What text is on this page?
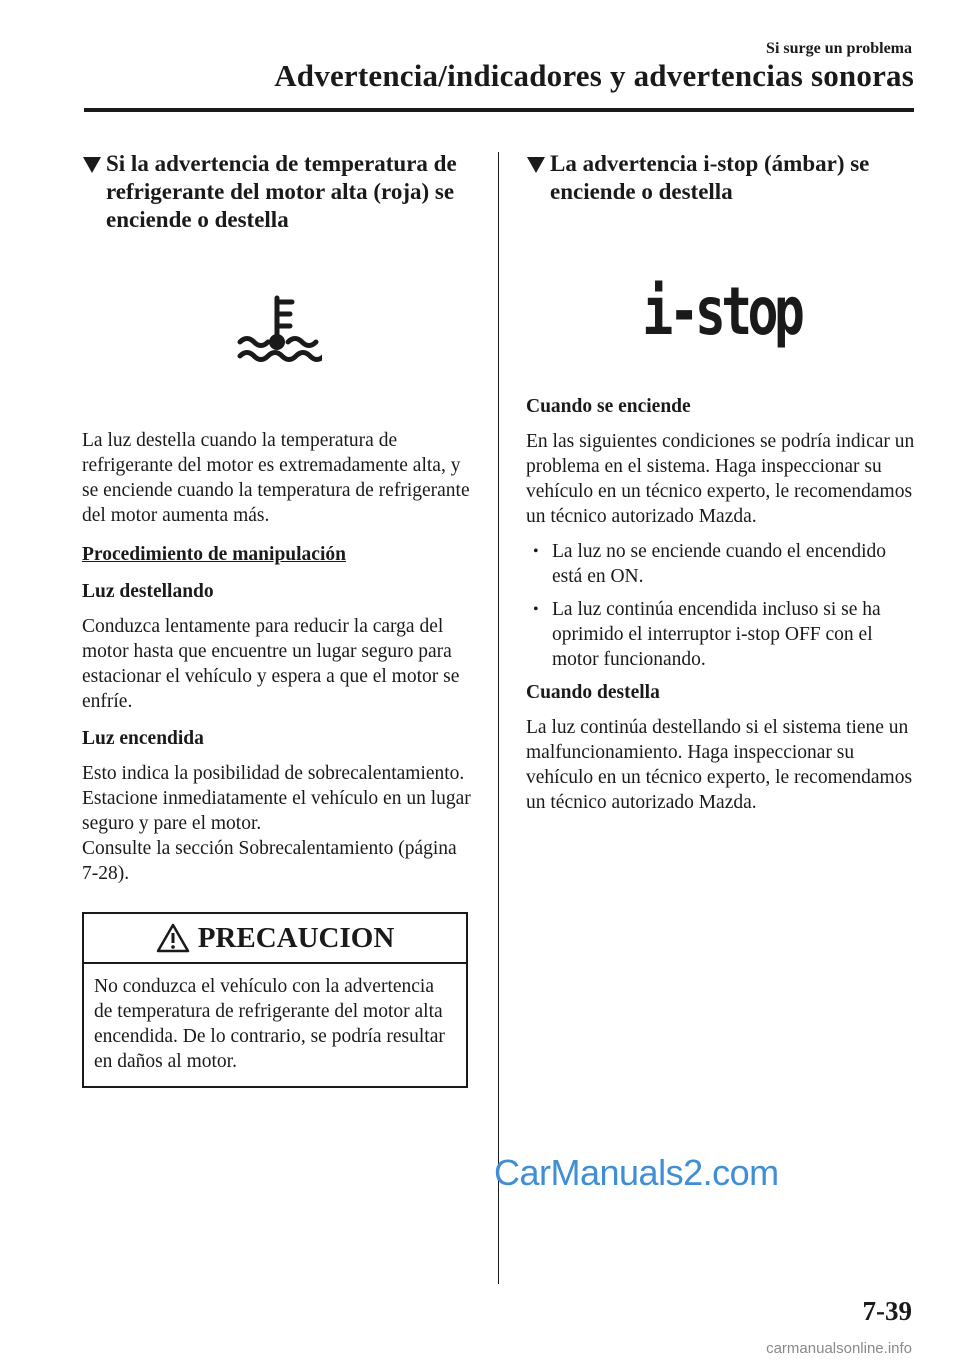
Si surge un problema
Advertencia/indicadores y advertencias sonoras
Si la advertencia de temperatura de refrigerante del motor alta (roja) se enciende o destella

La luz destella cuando la temperatura de refrigerante del motor es extremadamente alta, y se enciende cuando la temperatura de refrigerante del motor aumenta más.

Procedimiento de manipulación

Luz destellando

Conduzca lentamente para reducir la carga del motor hasta que encuentre un lugar seguro para estacionar el vehículo y espera a que el motor se enfríe.

Luz encendida

Esto indica la posibilidad de sobrecalentamiento. Estacione inmediatamente el vehículo en un lugar seguro y pare el motor.

Consulte la sección Sobrecalentamiento (página 7-28).

PRECAUCION
No conduzca el vehículo con la advertencia de temperatura de refrigerante del motor alta encendida. De lo contrario, se podría resultar en daños al motor.
La advertencia i-stop (ámbar) se enciende o destella
i-stop

Cuando se enciende

En las siguientes condiciones se podría indicar un problema en el sistema. Haga inspeccionar su vehículo en un técnico experto, le recomendamos un técnico autorizado Mazda.

• La luz no se enciende cuando el encendido está en ON.
• La luz continúa encendida incluso si se ha oprimido el interruptor i-stop OFF con el motor funcionando.

Cuando destella

La luz continúa destellando si el sistema tiene un malfuncionamiento. Haga inspeccionar su vehículo en un técnico experto, le recomendamos un técnico autorizado Mazda.

CarManuals2.com
7-39
carmanualsonline.info
